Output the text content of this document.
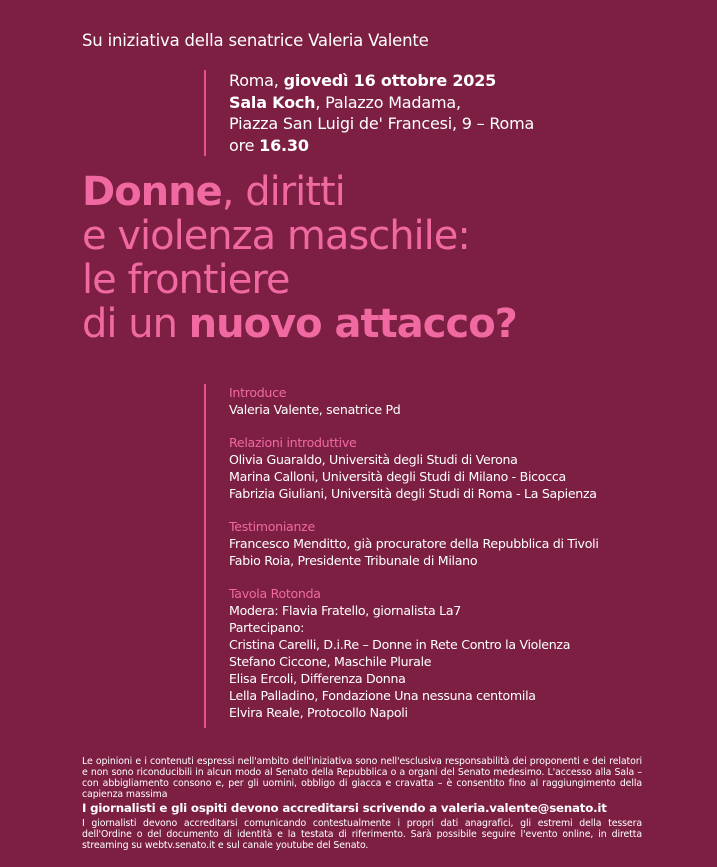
Su iniziativa della senatrice Valeria Valente
Roma, giovedì 16 ottobre 2025
Sala Koch, Palazzo Madama,
Piazza San Luigi de' Francesi, 9 – Roma
ore 16.30
Donne, diritti
e violenza maschile:
le frontiere
di un nuovo attacco?

Introduce

Valeria Valente, senatrice Pd

Relazioni introduttive

Olivia Guaraldo, Università degli Studi di Verona

Marina Calloni, Università degli Studi di Milano - Bicocca

Fabrizia Giuliani, Università degli Studi di Roma - La Sapienza

Testimonianze

Francesco Menditto, già procuratore della Repubblica di Tivoli

Fabio Roia, Presidente Tribunale di Milano

Tavola Rotonda

Modera: Flavia Fratello, giornalista La7

Partecipano:

Cristina Carelli, D.i.Re – Donne in Rete Contro la Violenza

Stefano Ciccone, Maschile Plurale

Elisa Ercoli, Differenza Donna

Lella Palladino, Fondazione Una nessuna centomila

Elvira Reale, Protocollo Napoli

Le opinioni e i contenuti espressi nell'ambito dell'iniziativa sono nell'esclusiva responsabilità dei proponenti e dei relatori e non sono riconducibili in alcun modo al Senato della Repubblica o a organi del Senato medesimo. L'accesso alla Sala – con abbigliamento consono e, per gli uomini, obbligo di giacca e cravatta – è consentito fino al raggiungimento della capienza massima

I giornalisti e gli ospiti devono accreditarsi scrivendo a valeria.valente@senato.it

I giornalisti devono accreditarsi comunicando contestualmente i propri dati anagrafici, gli estremi della tessera dell'Ordine o del documento di identità e la testata di riferimento. Sarà possibile seguire l'evento online, in diretta streaming su webtv.senato.it e sul canale youtube del Senato.
